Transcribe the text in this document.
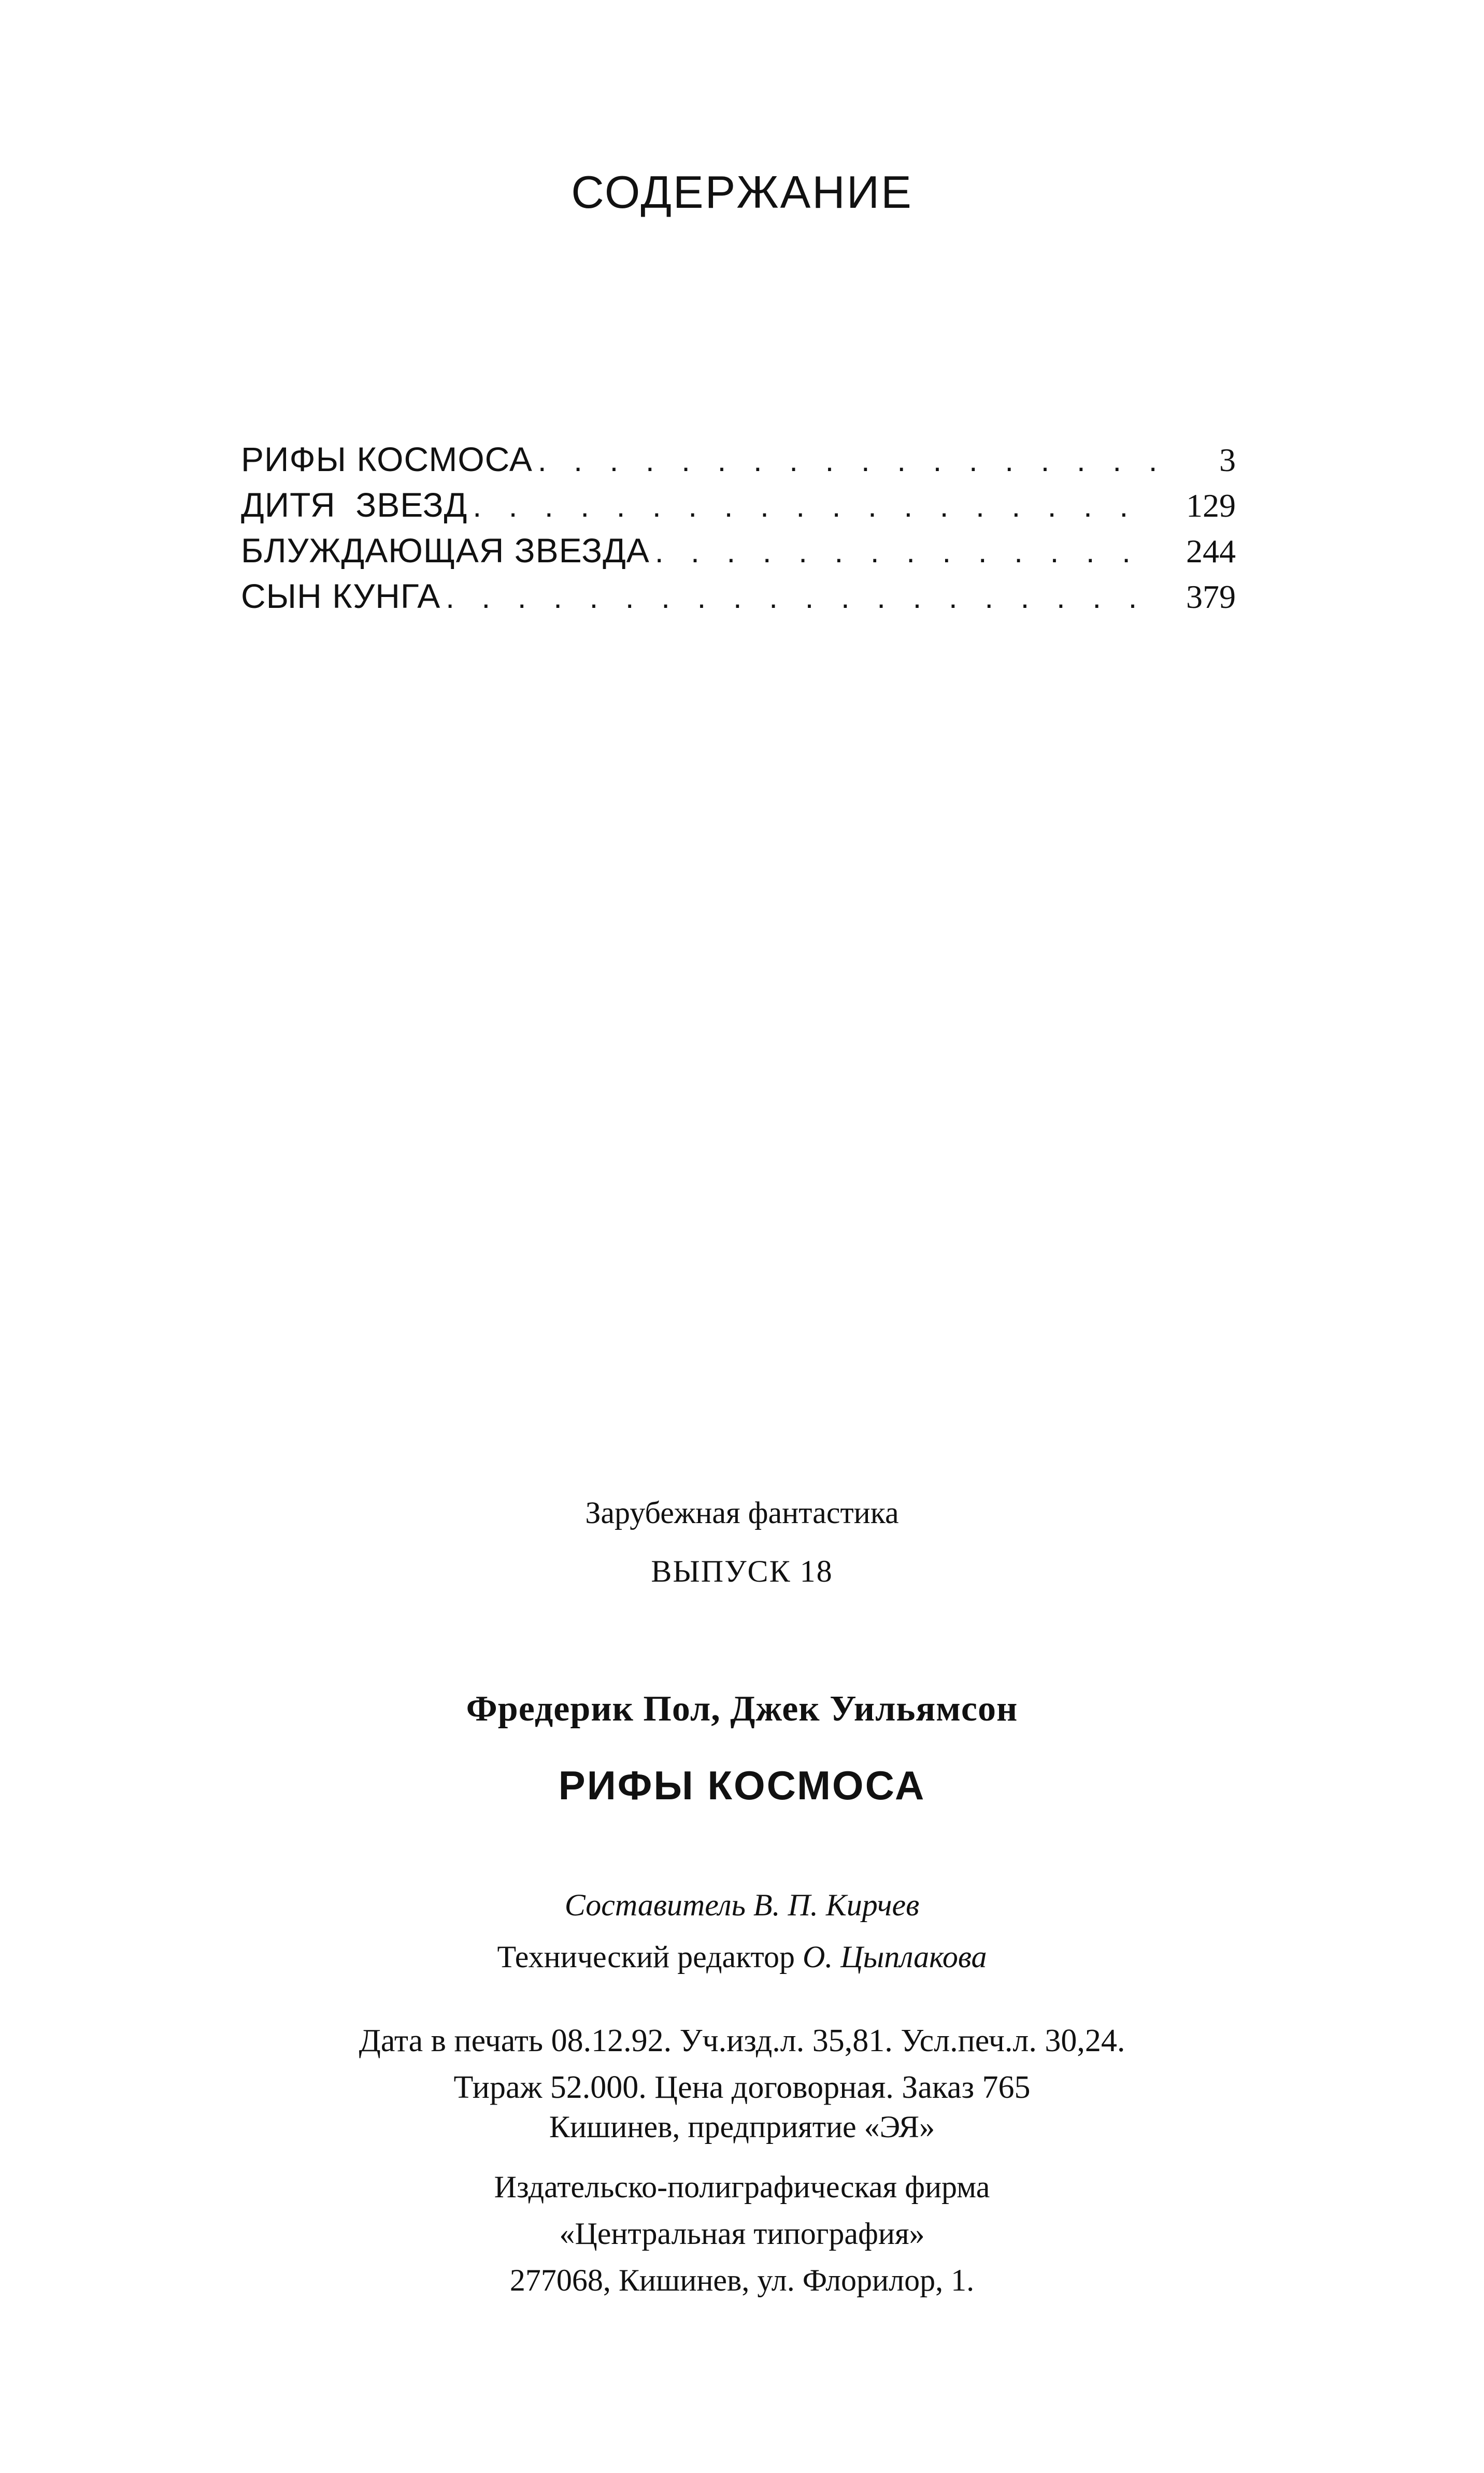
СОДЕРЖАНИЕ
РИФЫ КОСМОСА . . .	3
ДИТЯ  ЗВЕЗД . . .	129
БЛУЖДАЮЩАЯ ЗВЕЗДА . . .	244
СЫН КУНГА . . .	379
Зарубежная фантастика
ВЫПУСК 18
Фредерик Пол, Джек Уильямсон
РИФЫ КОСМОСА
Составитель В. П. Кирчев
Технический редактор О. Цыплакова
Дата в печать 08.12.92. Уч.изд.л. 35,81. Усл.печ.л. 30,24.
Тираж 52.000. Цена договорная. Заказ 765
Кишинев, предприятие «ЭЯ»
Издательско-полиграфическая фирма
«Центральная типография»
277068, Кишинев, ул. Флорилор, 1.
